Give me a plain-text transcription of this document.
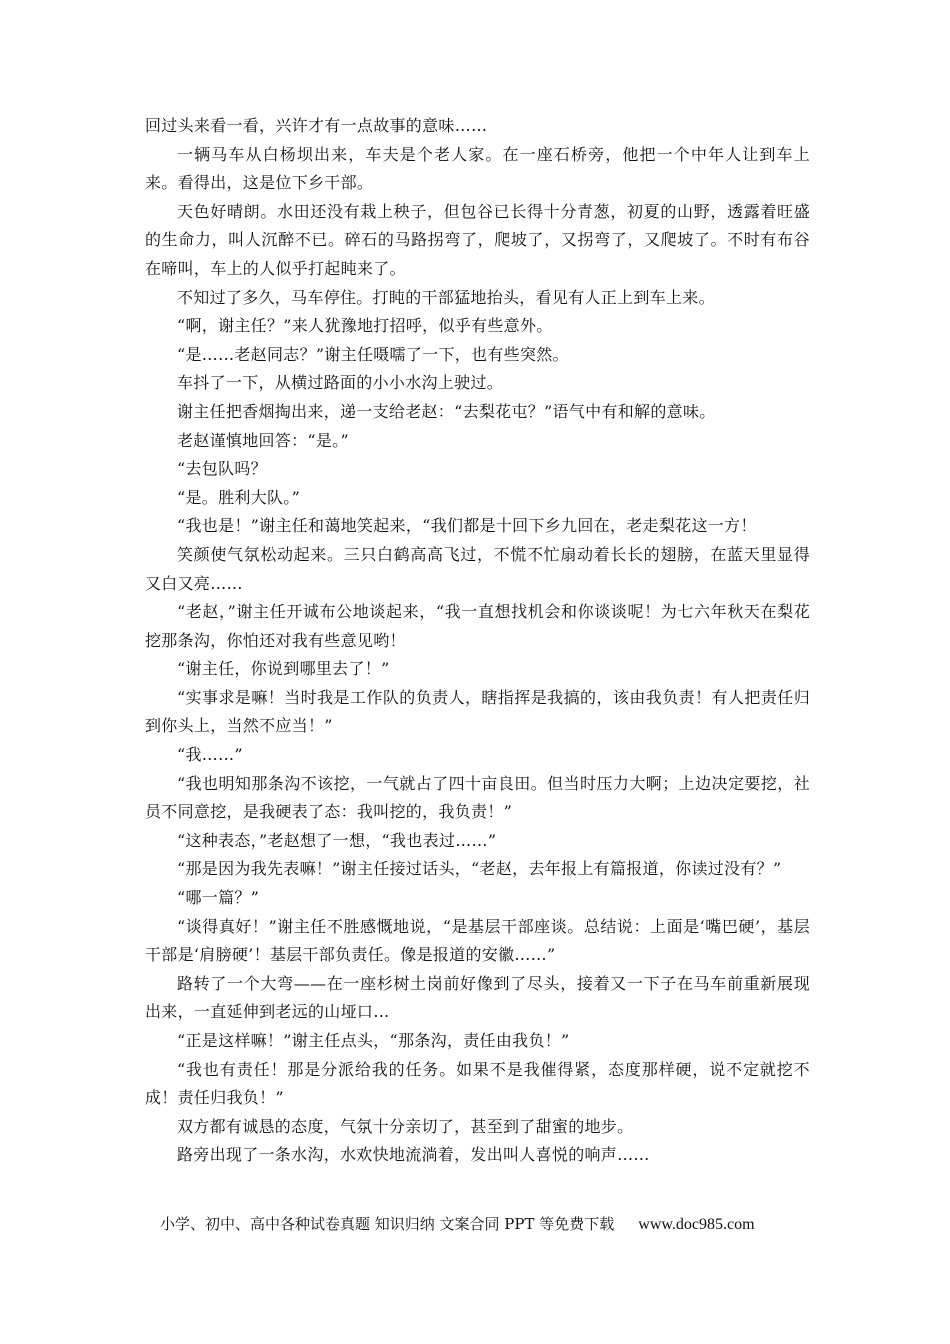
回过头来看一看，兴许才有一点故事的意味……

一辆马车从白杨坝出来，车夫是个老人家。在一座石桥旁，他把一个中年人让到车上来。看得出，这是位下乡干部。

天色好晴朗。水田还没有栽上秧子，但包谷已长得十分青葱，初夏的山野，透露着旺盛的生命力，叫人沉醉不已。碎石的马路拐弯了，爬坡了，又拐弯了，又爬坡了。不时有布谷在啼叫，车上的人似乎打起盹来了。

不知过了多久，马车停住。打盹的干部猛地抬头，看见有人正上到车上来。

“啊，谢主任？”来人犹豫地打招呼，似乎有些意外。

“是……老赵同志？”谢主任嗫嚅了一下，也有些突然。

车抖了一下，从横过路面的小小水沟上驶过。

谢主任把香烟掏出来，递一支给老赵：“去梨花屯？”语气中有和解的意味。

老赵谨慎地回答：“是。”

“去包队吗？

“是。胜利大队。”

“我也是！”谢主任和蔼地笑起来，“我们都是十回下乡九回在，老走梨花这一方！

笑颜使气氛松动起来。三只白鹤高高飞过，不慌不忙扇动着长长的翅膀，在蓝天里显得又白又亮……

“老赵，”谢主任开诚布公地谈起来，“我一直想找机会和你谈谈呢！为七六年秋天在梨花挖那条沟，你怕还对我有些意见哟！

“谢主任，你说到哪里去了！”

“实事求是嘛！当时我是工作队的负责人，瞎指挥是我搞的，该由我负责！有人把责任归到你头上，当然不应当！”

“我……”

“我也明知那条沟不该挖，一气就占了四十亩良田。但当时压力大啊；上边决定要挖，社员不同意挖，是我硬表了态：我叫挖的，我负责！”

“这种表态，”老赵想了一想，“我也表过……”

“那是因为我先表嘛！”谢主任接过话头，“老赵，去年报上有篇报道，你读过没有？”

“哪一篇？”

“谈得真好！”谢主任不胜感慨地说，“是基层干部座谈。总结说：上面是‘嘴巴硬’，基层干部是‘肩膀硬’！基层干部负责任。像是报道的安徽……”

路转了一个大弯——在一座杉树土岗前好像到了尽头，接着又一下子在马车前重新展现出来，一直延伸到老远的山垭口…

“正是这样嘛！”谢主任点头，“那条沟，责任由我负！”

“我也有责任！那是分派给我的任务。如果不是我催得紧，态度那样硬，说不定就挖不成！责任归我负！”

双方都有诚恳的态度，气氛十分亲切了，甚至到了甜蜜的地步。

路旁出现了一条水沟，水欢快地流淌着，发出叫人喜悦的响声……

小学、初中、高中各种试卷真题 知识归纳 文案合同 PPT 等免费下载 www.doc985.com
